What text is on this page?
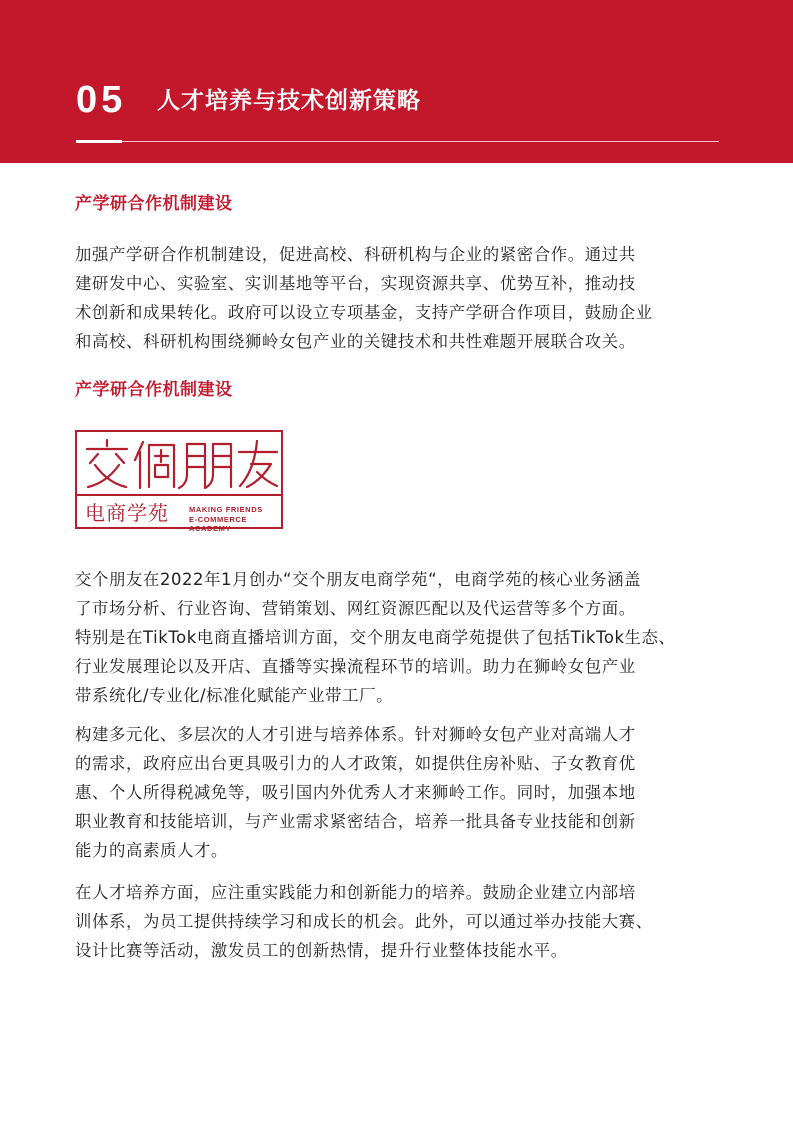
05 人才培养与技术创新策略
产学研合作机制建设
加强产学研合作机制建设，促进高校、科研机构与企业的紧密合作。通过共
建研发中心、实验室、实训基地等平台，实现资源共享、优势互补，推动技
术创新和成果转化。政府可以设立专项基金，支持产学研合作项目，鼓励企业
和高校、科研机构围绕狮岭女包产业的关键技术和共性难题开展联合攻关。
产学研合作机制建设
电商学苑	MAKING FRIENDS
E-COMMERCE ACADEMY
交个朋友在2022年1月创办“交个朋友电商学苑“，电商学苑的核心业务涵盖
了市场分析、行业咨询、营销策划、网红资源匹配以及代运营等多个方面。
特别是在TikTok电商直播培训方面，交个朋友电商学苑提供了包括TikTok生态、
行业发展理论以及开店、直播等实操流程环节的培训。助力在狮岭女包产业
带系统化/专业化/标准化赋能产业带工厂。
构建多元化、多层次的人才引进与培养体系。针对狮岭女包产业对高端人才
的需求，政府应出台更具吸引力的人才政策，如提供住房补贴、子女教育优
惠、个人所得税减免等，吸引国内外优秀人才来狮岭工作。同时，加强本地
职业教育和技能培训，与产业需求紧密结合，培养一批具备专业技能和创新
能力的高素质人才。
在人才培养方面，应注重实践能力和创新能力的培养。鼓励企业建立内部培
训体系，为员工提供持续学习和成长的机会。此外，可以通过举办技能大赛、
设计比赛等活动，激发员工的创新热情，提升行业整体技能水平。
